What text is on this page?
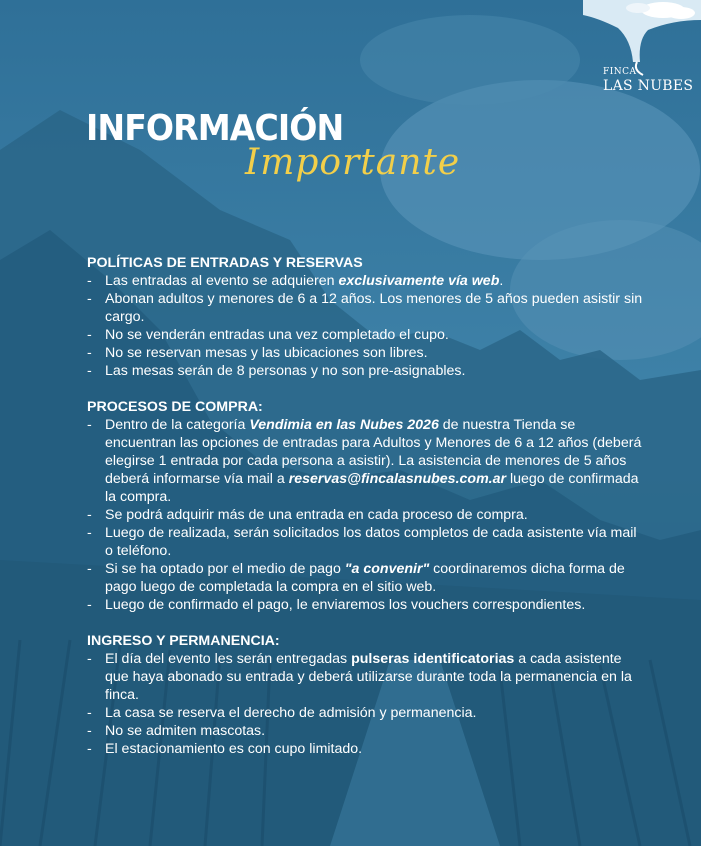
FINCA
LAS NUBES
INFORMACIÓN
Importante

POLÍTICAS DE ENTRADAS Y RESERVAS

- Las entradas al evento se adquieren exclusivamente vía web.
- Abonan adultos y menores de 6 a 12 años. Los menores de 5 años pueden asistir sin cargo.
- No se venderán entradas una vez completado el cupo.
- No se reservan mesas y las ubicaciones son libres.
- Las mesas serán de 8 personas y no son pre-asignables.

PROCESOS DE COMPRA:

- Dentro de la categoría Vendimia en las Nubes 2026 de nuestra Tienda se encuentran las opciones de entradas para Adultos y Menores de 6 a 12 años (deberá elegirse 1 entrada por cada persona a asistir). La asistencia de menores de 5 años deberá informarse vía mail a reservas@fincalasnubes.com.ar luego de confirmada la compra.
- Se podrá adquirir más de una entrada en cada proceso de compra.
- Luego de realizada, serán solicitados los datos completos de cada asistente vía mail o teléfono.
- Si se ha optado por el medio de pago "a convenir" coordinaremos dicha forma de pago luego de completada la compra en el sitio web.
- Luego de confirmado el pago, le enviaremos los vouchers correspondientes.

INGRESO Y PERMANENCIA:

- El día del evento les serán entregadas pulseras identificatorias a cada asistente que haya abonado su entrada y deberá utilizarse durante toda la permanencia en la finca.
- La casa se reserva el derecho de admisión y permanencia.
- No se admiten mascotas.
- El estacionamiento es con cupo limitado.
